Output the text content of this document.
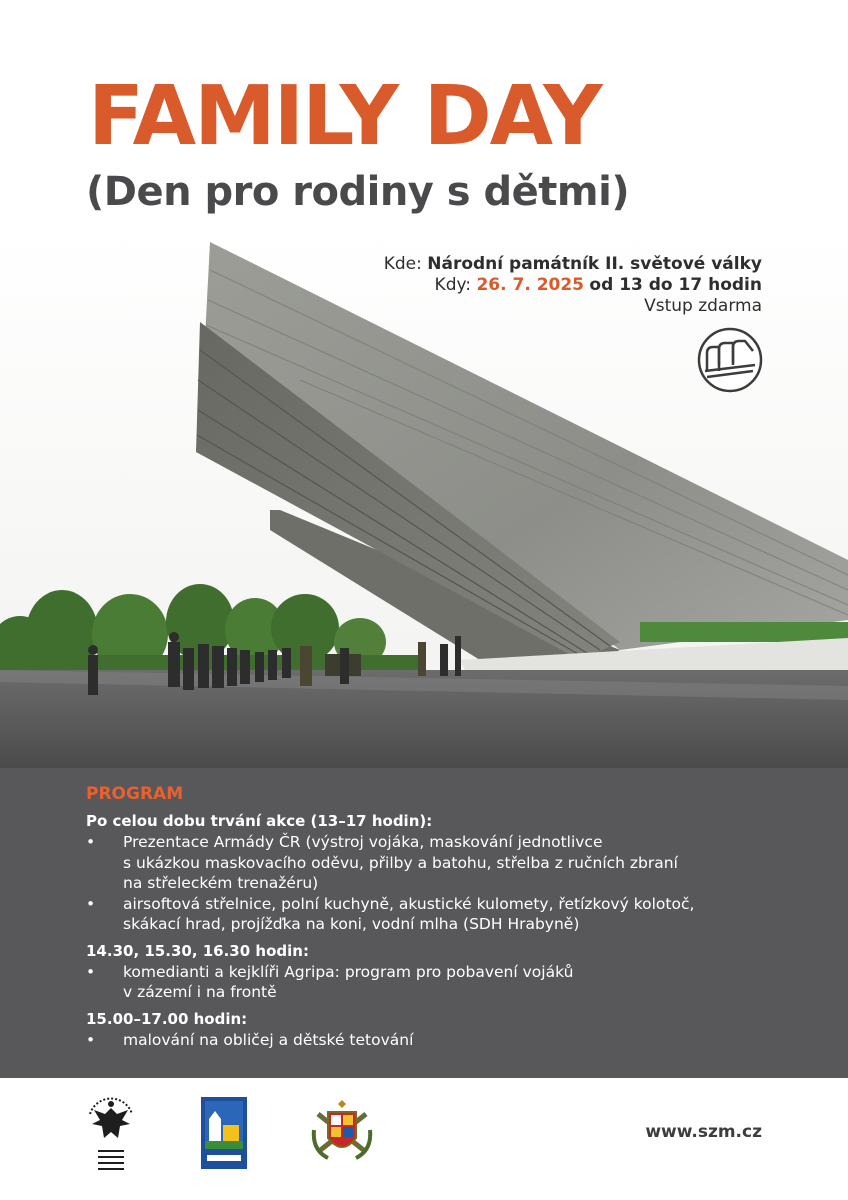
FAMILY DAY
(Den pro rodiny s dětmi)
Kde: Národní památník II. světové války
Kdy: 26. 7. 2025 od 13 do 17 hodin
Vstup zdarma
PROGRAM

Po celou dobu trvání akce (13–17 hodin):

• Prezentace Armády ČR (výstroj vojáka, maskování jednotlivce
s ukázkou maskovacího oděvu, přilby a batohu, střelba z ručních zbraní
na střeleckém trenažéru)
• airsoftová střelnice, polní kuchyně, akustické kulomety, řetízkový kolotoč,
skákací hrad, projížďka na koni, vodní mlha (SDH Hrabyně)

14.30, 15.30, 16.30 hodin:

• komedianti a kejklíři Agripa: program pro pobavení vojáků
v zázemí i na frontě

15.00–17.00 hodin:

• malování na obličej a dětské tetování
www.szm.cz
